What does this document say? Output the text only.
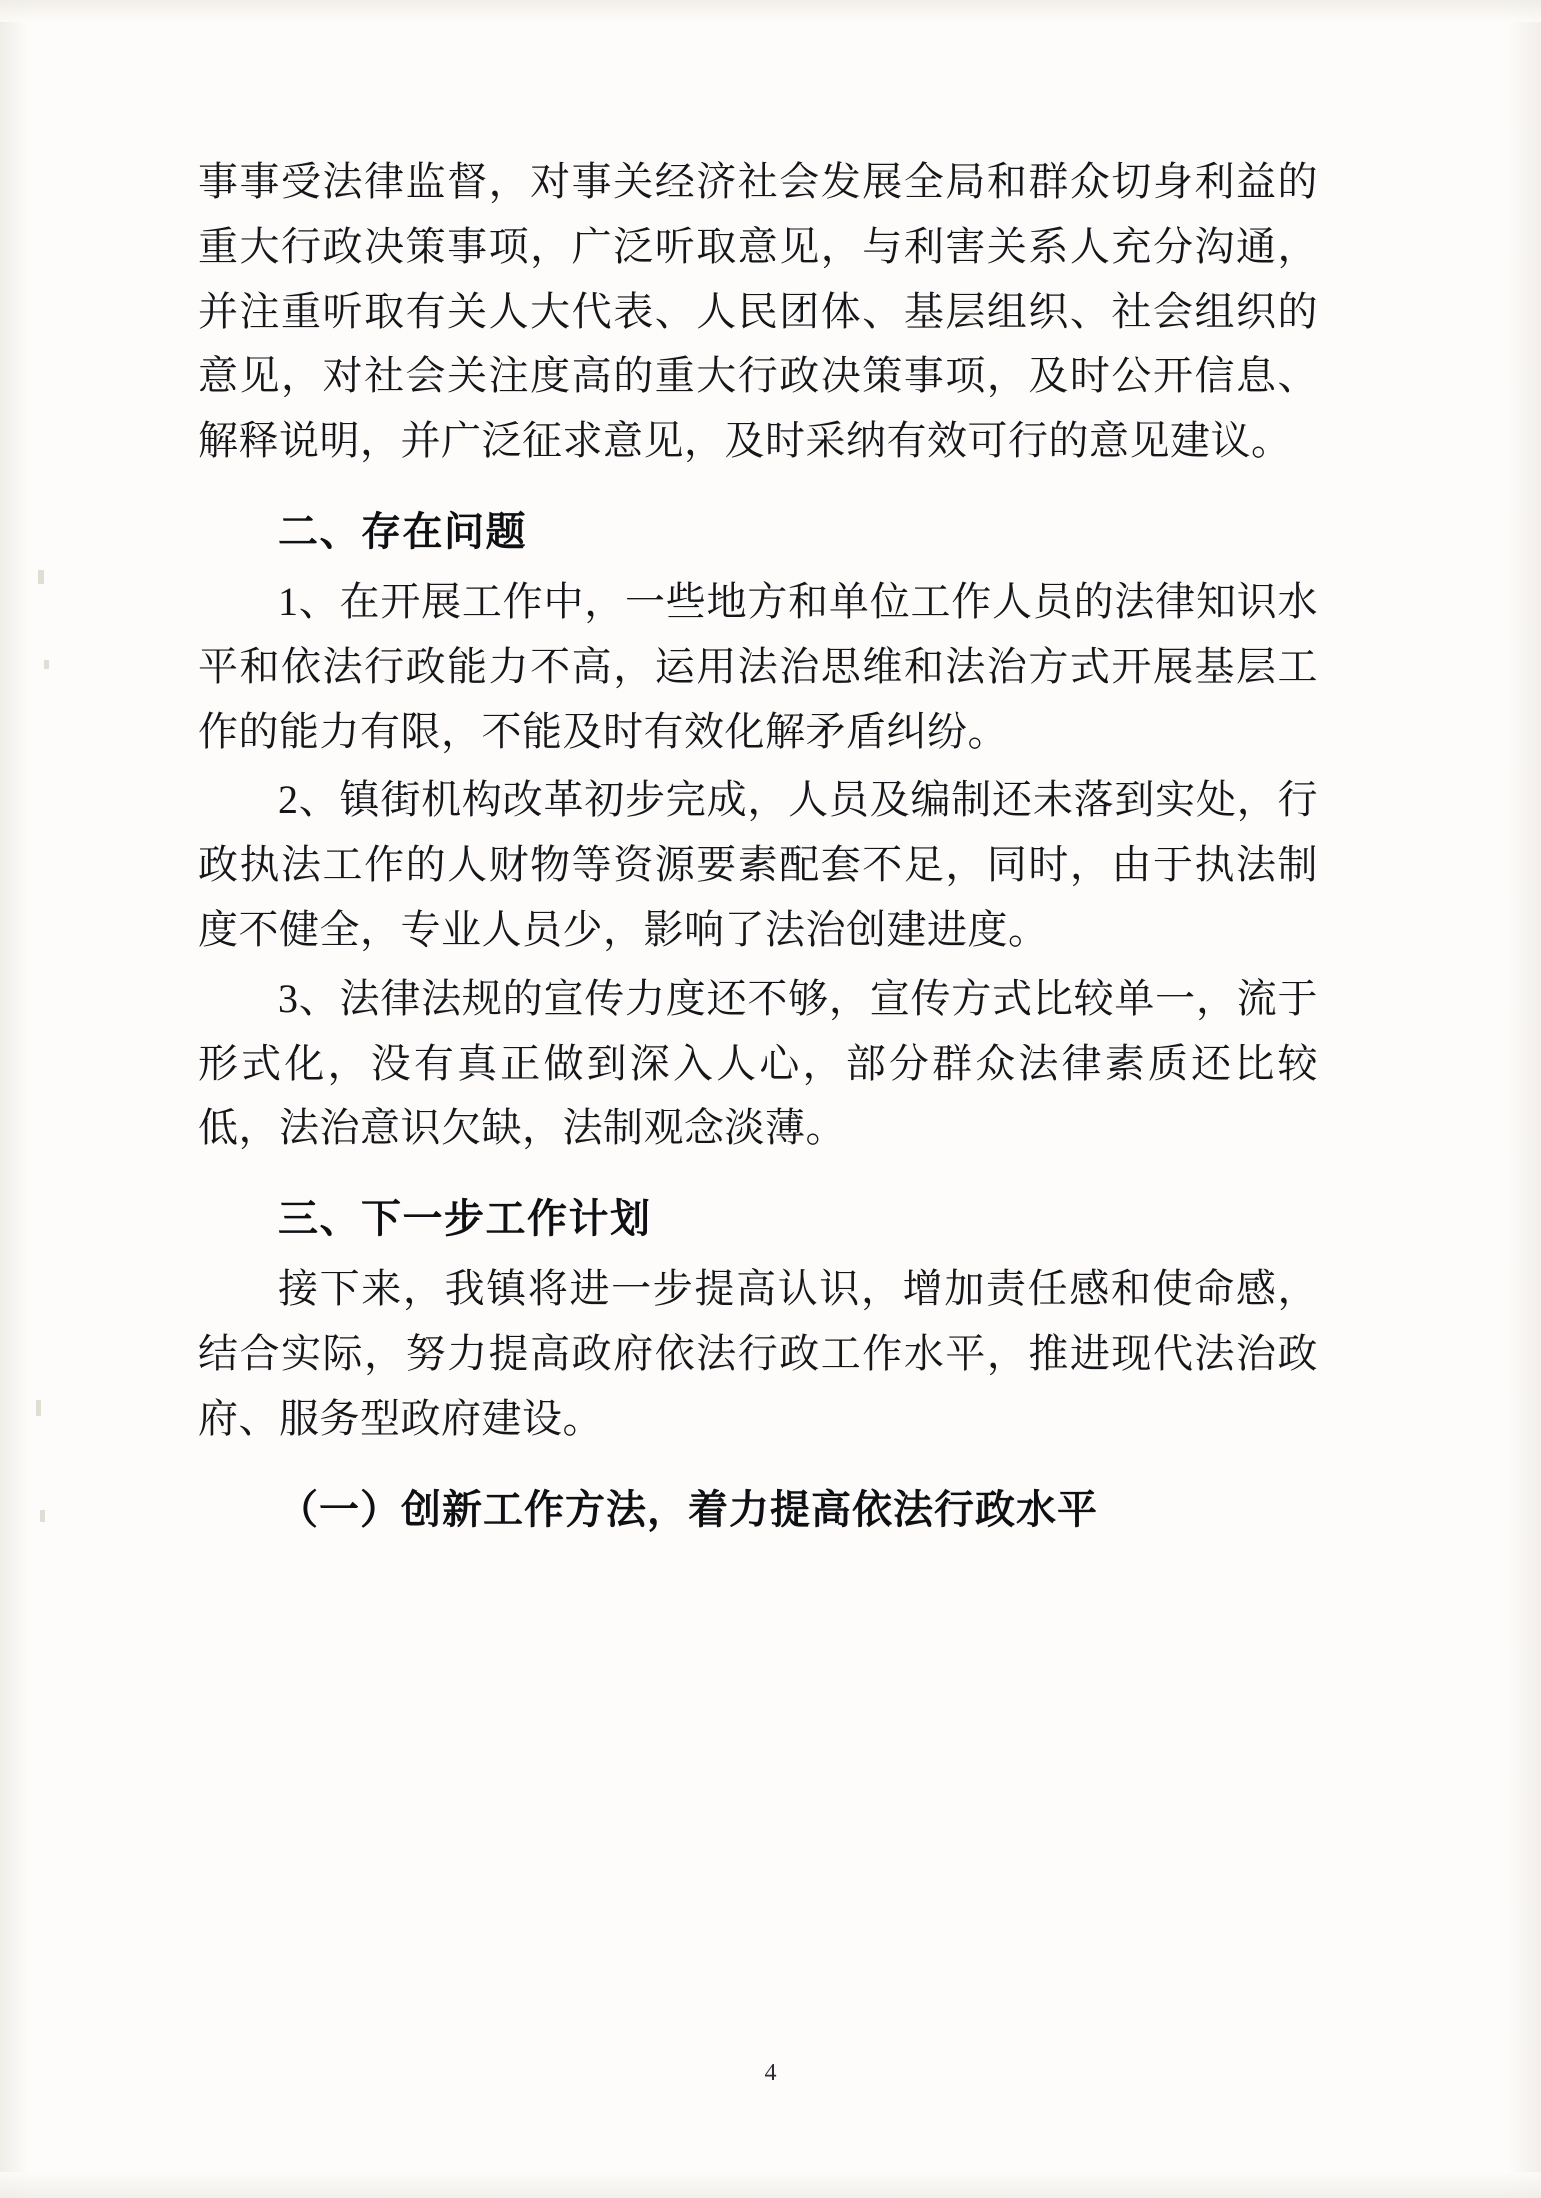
事事受法律监督，对事关经济社会发展全局和群众切身利益的重大行政决策事项，广泛听取意见，与利害关系人充分沟通，并注重听取有关人大代表、人民团体、基层组织、社会组织的意见，对社会关注度高的重大行政决策事项，及时公开信息、解释说明，并广泛征求意见，及时采纳有效可行的意见建议。

二、存在问题

1、在开展工作中，一些地方和单位工作人员的法律知识水平和依法行政能力不高，运用法治思维和法治方式开展基层工作的能力有限，不能及时有效化解矛盾纠纷。

2、镇街机构改革初步完成，人员及编制还未落到实处，行政执法工作的人财物等资源要素配套不足，同时，由于执法制度不健全，专业人员少，影响了法治创建进度。

3、法律法规的宣传力度还不够，宣传方式比较单一，流于形式化，没有真正做到深入人心，部分群众法律素质还比较低，法治意识欠缺，法制观念淡薄。

三、下一步工作计划

接下来，我镇将进一步提高认识，增加责任感和使命感，结合实际，努力提高政府依法行政工作水平，推进现代法治政府、服务型政府建设。

（一）创新工作方法，着力提高依法行政水平
4
